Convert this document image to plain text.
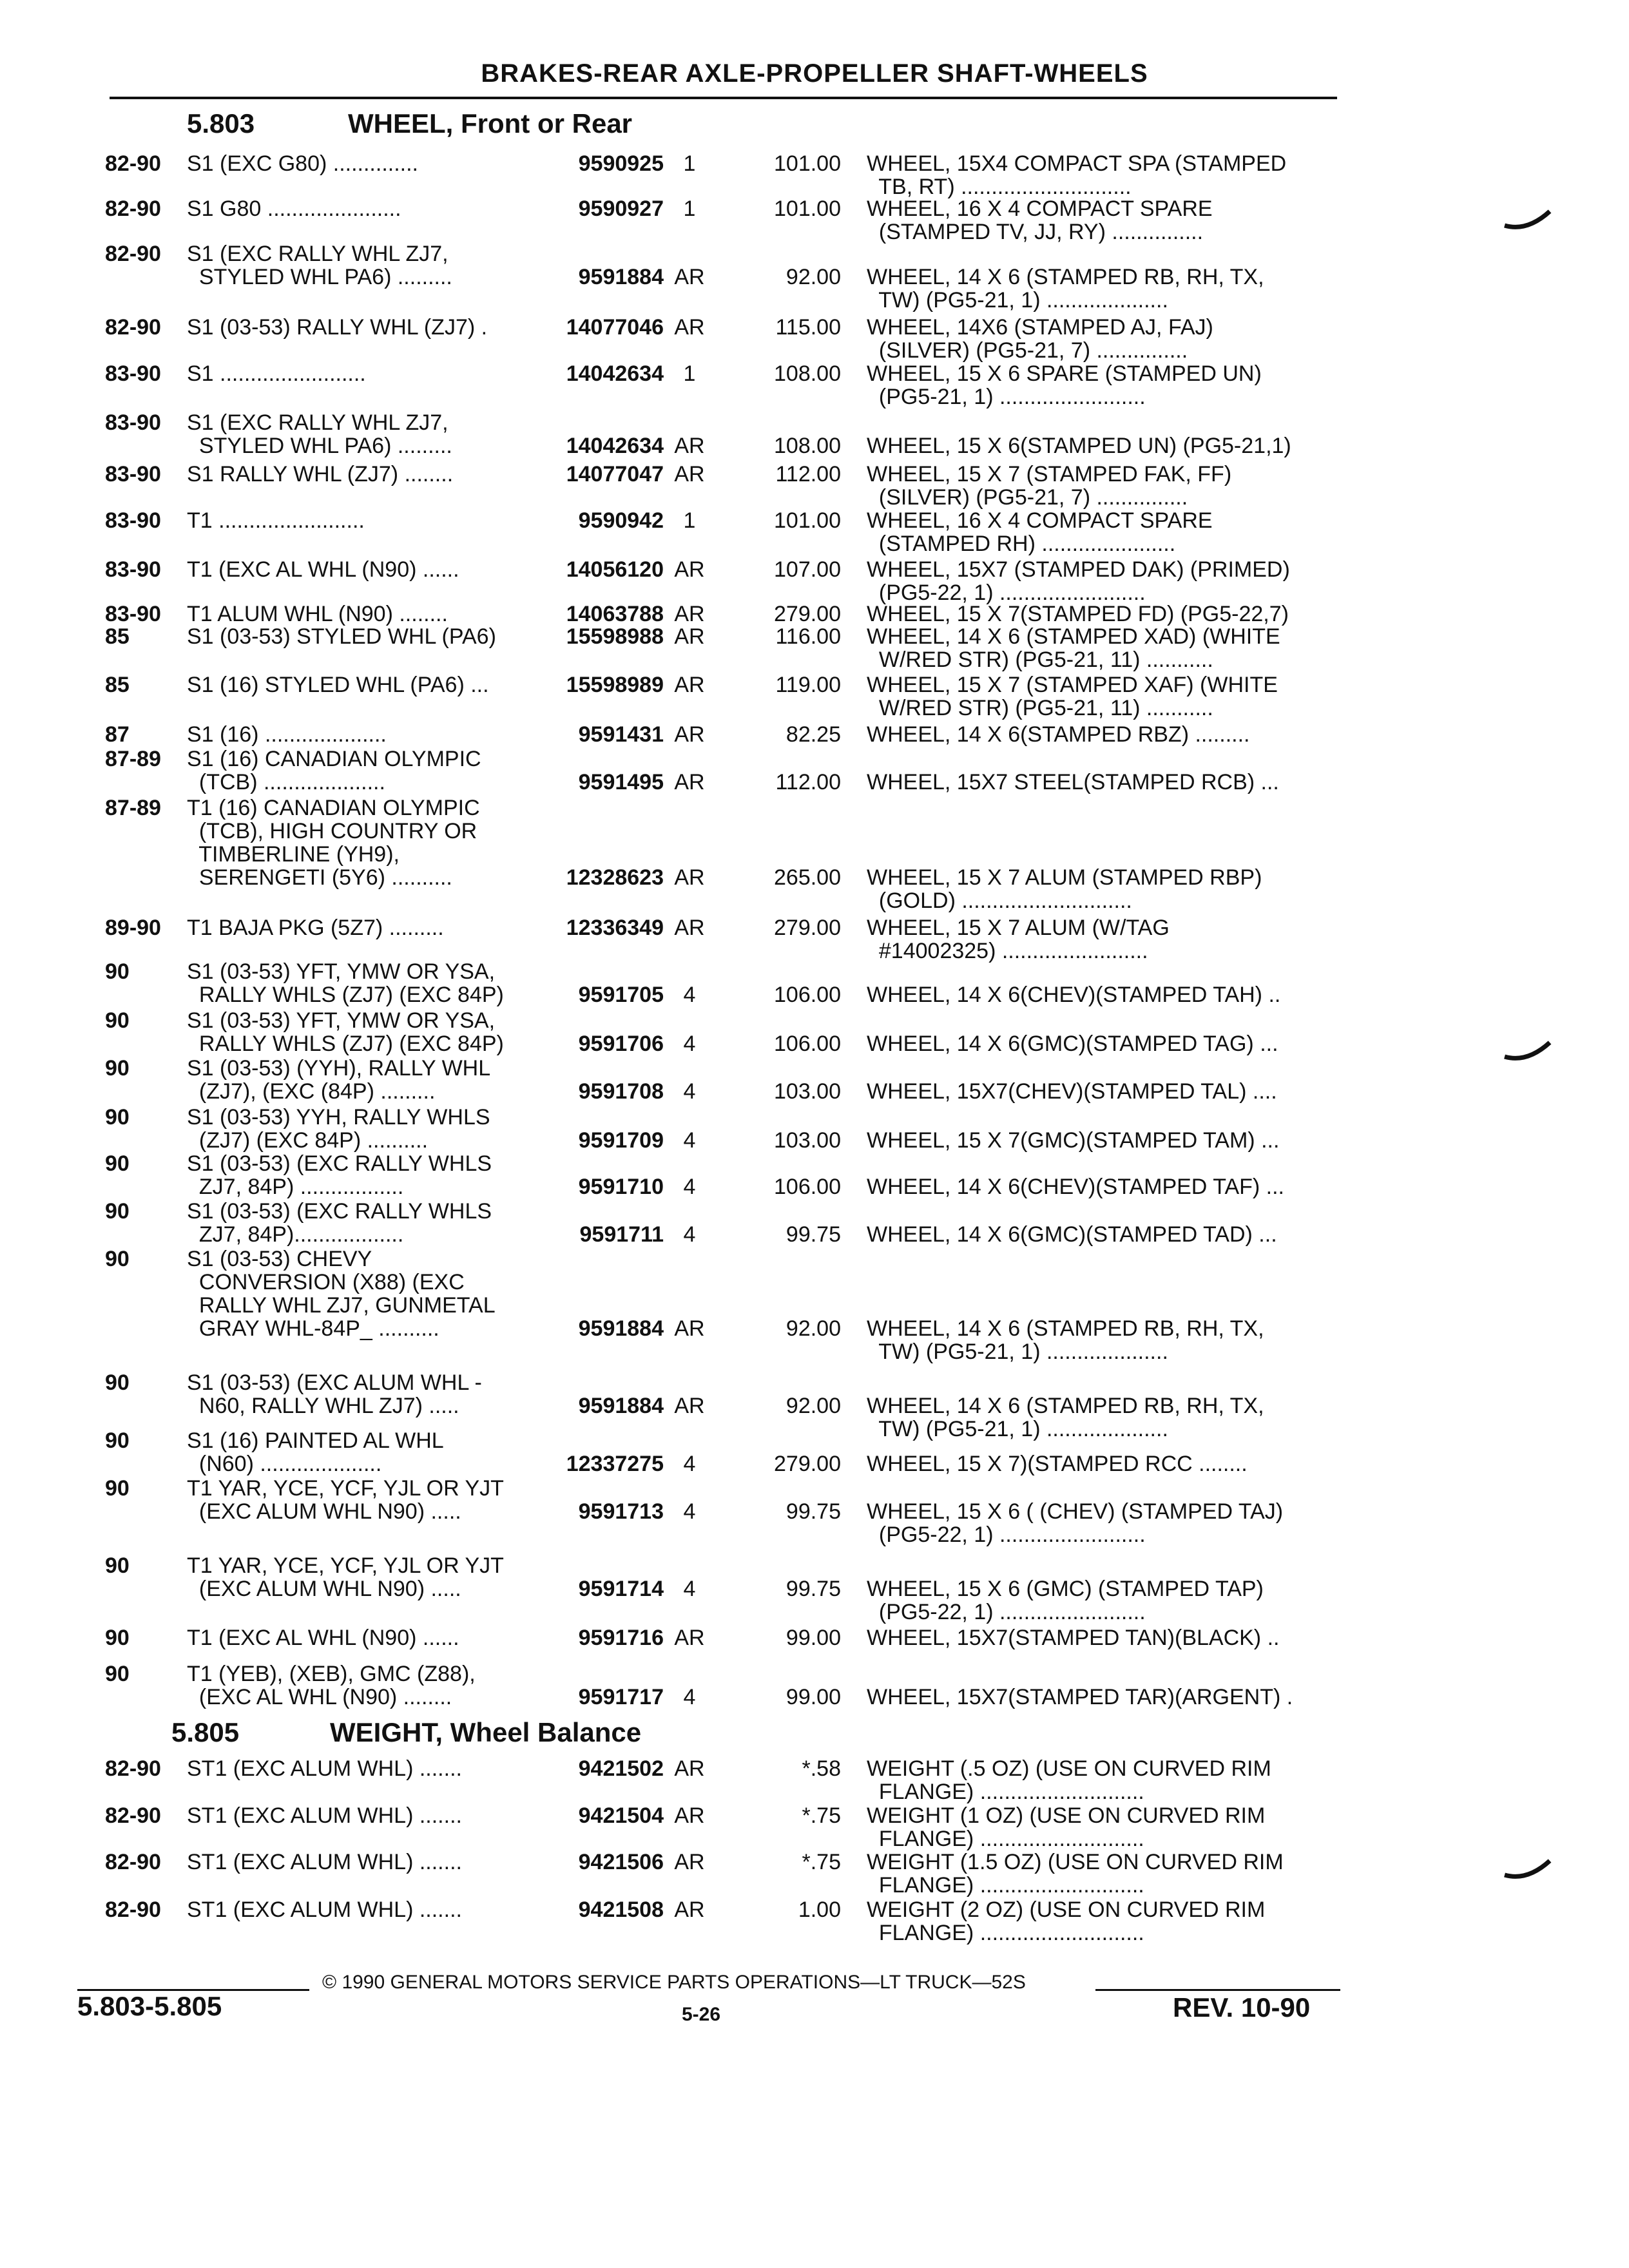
BRAKES-REAR AXLE-PROPELLER SHAFT-WHEELS
5.803	WHEEL, Front or Rear
5.805	WEIGHT, Wheel Balance
82-90 S1 (EXC G80) ..............	9590925 1	101.00 WHEEL, 15X4 COMPACT SPA (STAMPED
TB, RT) ............................
82-90 S1 G80 ......................	9590927 1	101.00 WHEEL, 16 X 4 COMPACT SPARE
(STAMPED TV, JJ, RY) ...............
82-90 S1 (EXC RALLY WHL ZJ7,
STYLED WHL PA6) .........	9591884 AR	92.00 WHEEL, 14 X 6 (STAMPED RB, RH, TX,
TW) (PG5-21, 1) ....................
82-90 S1 (03-53) RALLY WHL (ZJ7) .	14077046 AR	115.00 WHEEL, 14X6 (STAMPED AJ, FAJ)
(SILVER) (PG5-21, 7) ...............
83-90 S1 ........................	14042634 1	108.00 WHEEL, 15 X 6 SPARE (STAMPED UN)
(PG5-21, 1) ........................
83-90 S1 (EXC RALLY WHL ZJ7,
STYLED WHL PA6) .........	14042634 AR	108.00 WHEEL, 15 X 6(STAMPED UN) (PG5-21,1)
83-90 S1 RALLY WHL (ZJ7) ........	14077047 AR	112.00 WHEEL, 15 X 7 (STAMPED FAK, FF)
(SILVER) (PG5-21, 7) ...............
83-90 T1 ........................	9590942 1	101.00 WHEEL, 16 X 4 COMPACT SPARE
(STAMPED RH) ......................
83-90 T1 (EXC AL WHL (N90) ......	14056120 AR	107.00 WHEEL, 15X7 (STAMPED DAK) (PRIMED)
(PG5-22, 1) ........................
83-90 T1 ALUM WHL (N90) ........	14063788 AR	279.00 WHEEL, 15 X 7(STAMPED FD) (PG5-22,7)
85	S1 (03-53) STYLED WHL (PA6)	15598988 AR	116.00 WHEEL, 14 X 6 (STAMPED XAD) (WHITE
W/RED STR) (PG5-21, 11) ...........
85	S1 (16) STYLED WHL (PA6) ...	15598989 AR	119.00 WHEEL, 15 X 7 (STAMPED XAF) (WHITE
W/RED STR) (PG5-21, 11) ...........
87	S1 (16) ....................	9591431 AR	82.25 WHEEL, 14 X 6(STAMPED RBZ) .........
87-89 S1 (16) CANADIAN OLYMPIC
(TCB) ....................	9591495 AR	112.00 WHEEL, 15X7 STEEL(STAMPED RCB) ...
87-89 T1 (16) CANADIAN OLYMPIC
(TCB), HIGH COUNTRY OR
TIMBERLINE (YH9),
SERENGETI (5Y6) ..........	12328623 AR	265.00 WHEEL, 15 X 7 ALUM (STAMPED RBP)
(GOLD) ............................
89-90 T1 BAJA PKG (5Z7) .........	12336349 AR	279.00 WHEEL, 15 X 7 ALUM (W/TAG
#14002325) ........................
90	S1 (03-53) YFT, YMW OR YSA,
RALLY WHLS (ZJ7) (EXC 84P)	9591705 4	106.00 WHEEL, 14 X 6(CHEV)(STAMPED TAH) ..
90	S1 (03-53) YFT, YMW OR YSA,
RALLY WHLS (ZJ7) (EXC 84P)	9591706 4	106.00 WHEEL, 14 X 6(GMC)(STAMPED TAG) ...
90	S1 (03-53) (YYH), RALLY WHL
(ZJ7), (EXC (84P) .........	9591708 4	103.00 WHEEL, 15X7(CHEV)(STAMPED TAL) ....
90	S1 (03-53) YYH, RALLY WHLS
(ZJ7) (EXC 84P) ..........	9591709 4	103.00 WHEEL, 15 X 7(GMC)(STAMPED TAM) ...
90	S1 (03-53) (EXC RALLY WHLS
ZJ7, 84P) .................	9591710 4	106.00 WHEEL, 14 X 6(CHEV)(STAMPED TAF) ...
90	S1 (03-53) (EXC RALLY WHLS
ZJ7, 84P)..................	9591711 4	99.75 WHEEL, 14 X 6(GMC)(STAMPED TAD) ...
90	S1 (03-53) CHEVY
CONVERSION (X88) (EXC
RALLY WHL ZJ7, GUNMETAL
GRAY WHL-84P_ ..........	9591884 AR	92.00 WHEEL, 14 X 6 (STAMPED RB, RH, TX,
TW) (PG5-21, 1) ....................
90	S1 (03-53) (EXC ALUM WHL -
N60, RALLY WHL ZJ7) .....	9591884 AR	92.00 WHEEL, 14 X 6 (STAMPED RB, RH, TX,
TW) (PG5-21, 1) ....................
90	S1 (16) PAINTED AL WHL
(N60) ....................	12337275 4	279.00 WHEEL, 15 X 7)(STAMPED RCC ........
90	T1 YAR, YCE, YCF, YJL OR YJT
(EXC ALUM WHL N90) .....	9591713 4	99.75 WHEEL, 15 X 6 ( (CHEV) (STAMPED TAJ)
(PG5-22, 1) ........................
90	T1 YAR, YCE, YCF, YJL OR YJT
(EXC ALUM WHL N90) .....	9591714 4	99.75 WHEEL, 15 X 6 (GMC) (STAMPED TAP)
(PG5-22, 1) ........................
90	T1 (EXC AL WHL (N90) ......	9591716 AR	99.00 WHEEL, 15X7(STAMPED TAN)(BLACK) ..
90	T1 (YEB), (XEB), GMC (Z88),
(EXC AL WHL (N90) ........	9591717 4	99.00 WHEEL, 15X7(STAMPED TAR)(ARGENT) .
82-90 ST1 (EXC ALUM WHL) .......	9421502 AR	*.58 WEIGHT (.5 OZ) (USE ON CURVED RIM
FLANGE) ...........................
82-90 ST1 (EXC ALUM WHL) .......	9421504 AR	*.75 WEIGHT (1 OZ) (USE ON CURVED RIM
FLANGE) ...........................
82-90 ST1 (EXC ALUM WHL) .......	9421506 AR	*.75 WEIGHT (1.5 OZ) (USE ON CURVED RIM
FLANGE) ...........................
82-90 ST1 (EXC ALUM WHL) .......	9421508 AR	1.00 WEIGHT (2 OZ) (USE ON CURVED RIM
FLANGE) ...........................
© 1990 GENERAL MOTORS SERVICE PARTS OPERATIONS—LT TRUCK—52S
5.803-5.805	5-26	REV. 10-90
